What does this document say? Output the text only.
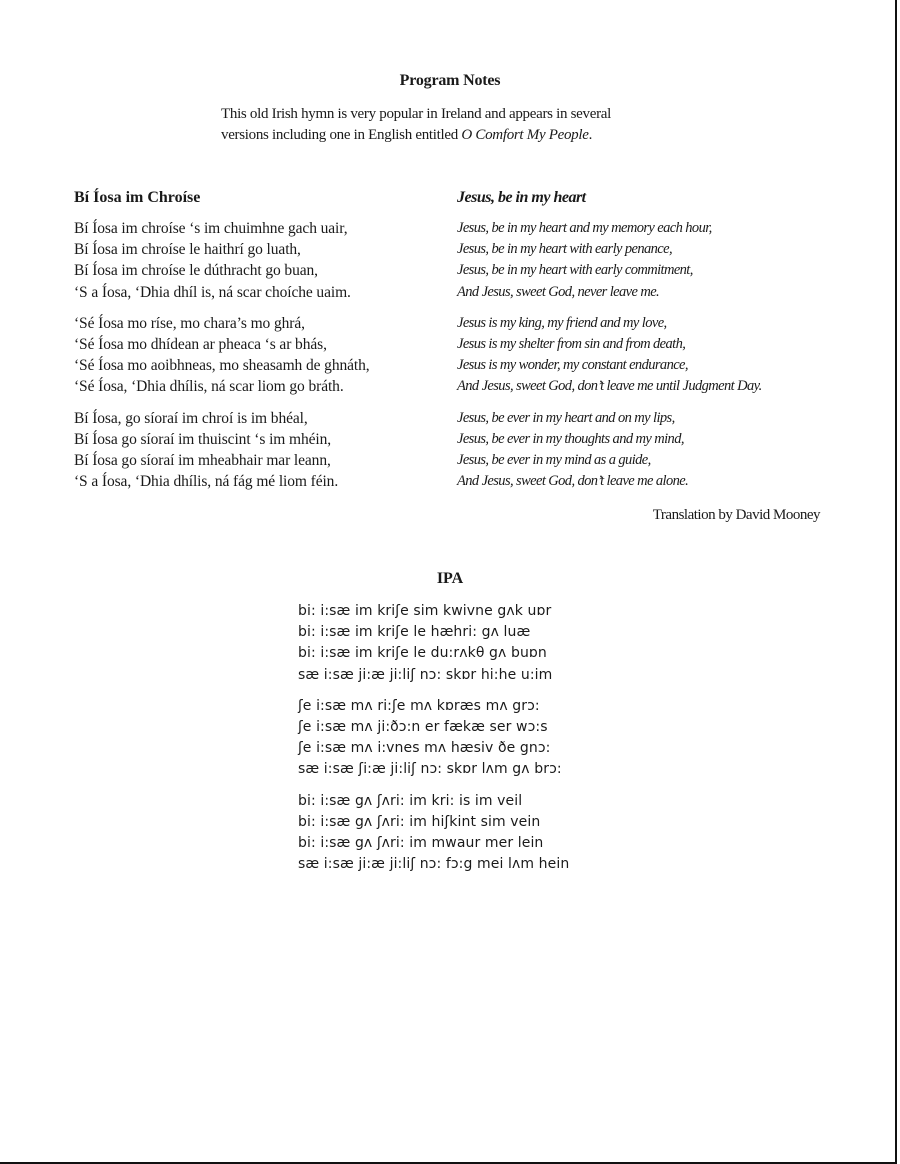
Program Notes
This old Irish hymn is very popular in Ireland and appears in several
versions including one in English entitled O Comfort My People.
Bí Íosa im Chroíse
Bí Íosa im chroíse ‘s im chuimhne gach uair,
Bí Íosa im chroíse le haithrí go luath,
Bí Íosa im chroíse le dúthracht go buan,
‘S a Íosa, ‘Dhia dhíl is, ná scar choíche uaim.
‘Sé Íosa mo ríse, mo chara’s mo ghrá,
‘Sé Íosa mo dhídean ar pheaca ‘s ar bhás,
‘Sé Íosa mo aoibhneas, mo sheasamh de ghnáth,
‘Sé Íosa, ‘Dhia dhílis, ná scar liom go bráth.
Bí Íosa, go síoraí im chroí is im bhéal,
Bí Íosa go síoraí im thuiscint ‘s im mhéin,
Bí Íosa go síoraí im mheabhair mar leann,
‘S a Íosa, ‘Dhia dhílis, ná fág mé liom féin.
Jesus, be in my heart
Jesus, be in my heart and my memory each hour,
Jesus, be in my heart with early penance,
Jesus, be in my heart with early commitment,
And Jesus, sweet God, never leave me.
Jesus is my king, my friend and my love,
Jesus is my shelter from sin and from death,
Jesus is my wonder, my constant endurance,
And Jesus, sweet God, don’t leave me until Judgment Day.
Jesus, be ever in my heart and on my lips,
Jesus, be ever in my thoughts and my mind,
Jesus, be ever in my mind as a guide,
And Jesus, sweet God, don’t leave me alone.
Translation by David Mooney
IPA
bi: i:sæ im kriʃe sim kwivne gʌk uɒr
bi: i:sæ im kriʃe le hæhri: gʌ luæ
bi: i:sæ im kriʃe le du:rʌkθ gʌ buɒn
sæ i:sæ ji:æ ji:liʃ nɔ: skɒr hi:he u:im
ʃe i:sæ mʌ ri:ʃe mʌ kɒræs mʌ grɔ:
ʃe i:sæ mʌ ji:ðɔ:n er fækæ ser wɔ:s
ʃe i:sæ mʌ i:vnes mʌ hæsiv ðe gnɔ:
sæ i:sæ ʃi:æ ji:liʃ nɔ: skɒr lʌm gʌ brɔ:
bi: i:sæ gʌ ʃʌri: im kri: is im veil
bi: i:sæ gʌ ʃʌri: im hiʃkint sim vein
bi: i:sæ gʌ ʃʌri: im mwaur mer lein
sæ i:sæ ji:æ ji:liʃ nɔ: fɔ:g mei lʌm hein
